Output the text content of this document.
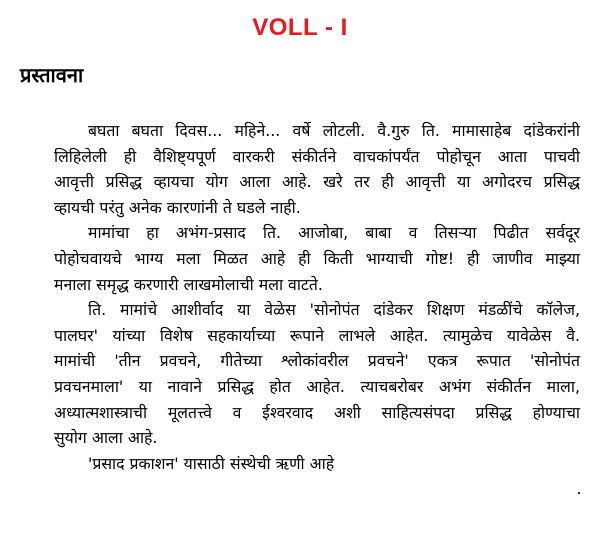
VOLL - I
प्रस्तावना
बघता बघता दिवस... महिने... वर्षे लोटली. वै.गुरु ति. मामासाहेब दांडेकरांनी
लिहिलेली ही वैशिष्ट्यपूर्ण वारकरी संकीर्तने वाचकांपर्यंत पोहोचून आता पाचवी
आवृत्ती प्रसिद्ध व्हायचा योग आला आहे. खरे तर ही आवृत्ती या अगोदरच प्रसिद्ध
व्हायची परंतु अनेक कारणांनी ते घडले नाही.
मामांचा हा अभंग-प्रसाद ति. आजोबा, बाबा व तिसऱ्या पिढीत सर्वदूर
पोहोचवायचे भाग्य मला मिळत आहे ही किती भाग्याची गोष्ट! ही जाणीव माझ्या
मनाला समृद्ध करणारी लाखमोलाची मला वाटते.
ति. मामांचे आशीर्वाद या वेळेस 'सोनोपंत दांडेकर शिक्षण मंडळींचे कॉलेज,
पालघर' यांच्या विशेष सहकार्याच्या रूपाने लाभले आहेत. त्यामुळेच यावेळेस वै.
मामांची 'तीन प्रवचने, गीतेच्या श्लोकांवरील प्रवचने' एकत्र रूपात 'सोनोपंत
प्रवचनमाला' या नावाने प्रसिद्ध होत आहेत. त्याचबरोबर अभंग संकीर्तन माला,
अध्यात्मशास्त्राची मूलतत्त्वे व ईश्वरवाद अशी साहित्यसंपदा प्रसिद्ध होण्याचा
सुयोग आला आहे.
'प्रसाद प्रकाशन' यासाठी संस्थेची ऋणी आहे
